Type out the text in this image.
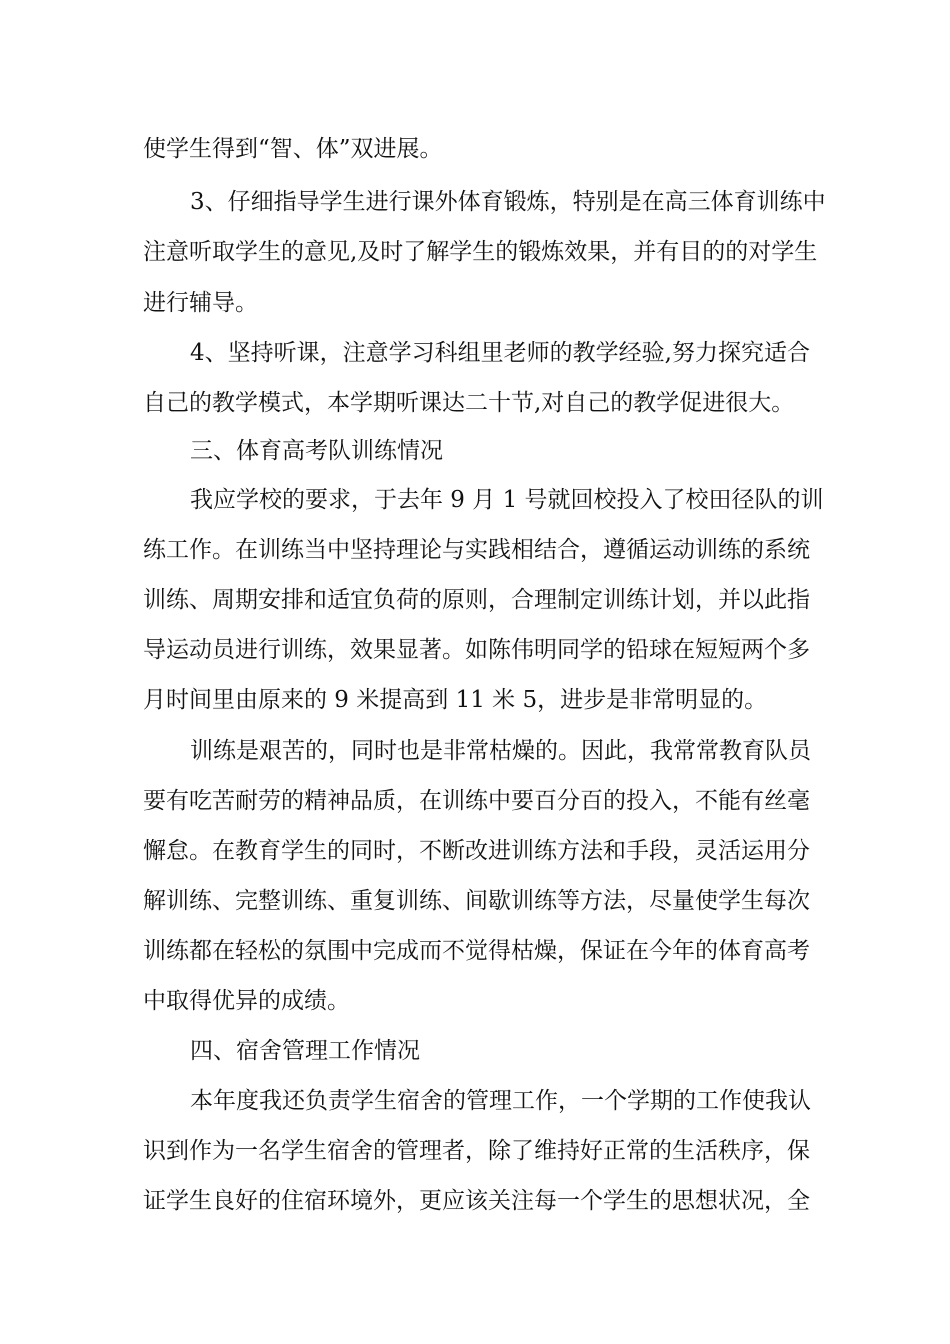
使学生得到“智、体”双进展。
3、仔细指导学生进行课外体育锻炼，特别是在高三体育训练中
注意听取学生的意见,及时了解学生的锻炼效果，并有目的的对学生
进行辅导。
4、坚持听课，注意学习科组里老师的教学经验,努力探究适合
自己的教学模式，本学期听课达二十节,对自己的教学促进很大。
三、体育高考队训练情况
我应学校的要求，于去年 9 月 1 号就回校投入了校田径队的训
练工作。在训练当中坚持理论与实践相结合，遵循运动训练的系统
训练、周期安排和适宜负荷的原则，合理制定训练计划，并以此指
导运动员进行训练，效果显著。如陈伟明同学的铅球在短短两个多
月时间里由原来的 9 米提高到 11 米 5，进步是非常明显的。
训练是艰苦的，同时也是非常枯燥的。因此，我常常教育队员
要有吃苦耐劳的精神品质，在训练中要百分百的投入，不能有丝毫
懈怠。在教育学生的同时，不断改进训练方法和手段，灵活运用分
解训练、完整训练、重复训练、间歇训练等方法，尽量使学生每次
训练都在轻松的氛围中完成而不觉得枯燥，保证在今年的体育高考
中取得优异的成绩。
四、宿舍管理工作情况
本年度我还负责学生宿舍的管理工作，一个学期的工作使我认
识到作为一名学生宿舍的管理者，除了维持好正常的生活秩序，保
证学生良好的住宿环境外，更应该关注每一个学生的思想状况，全
